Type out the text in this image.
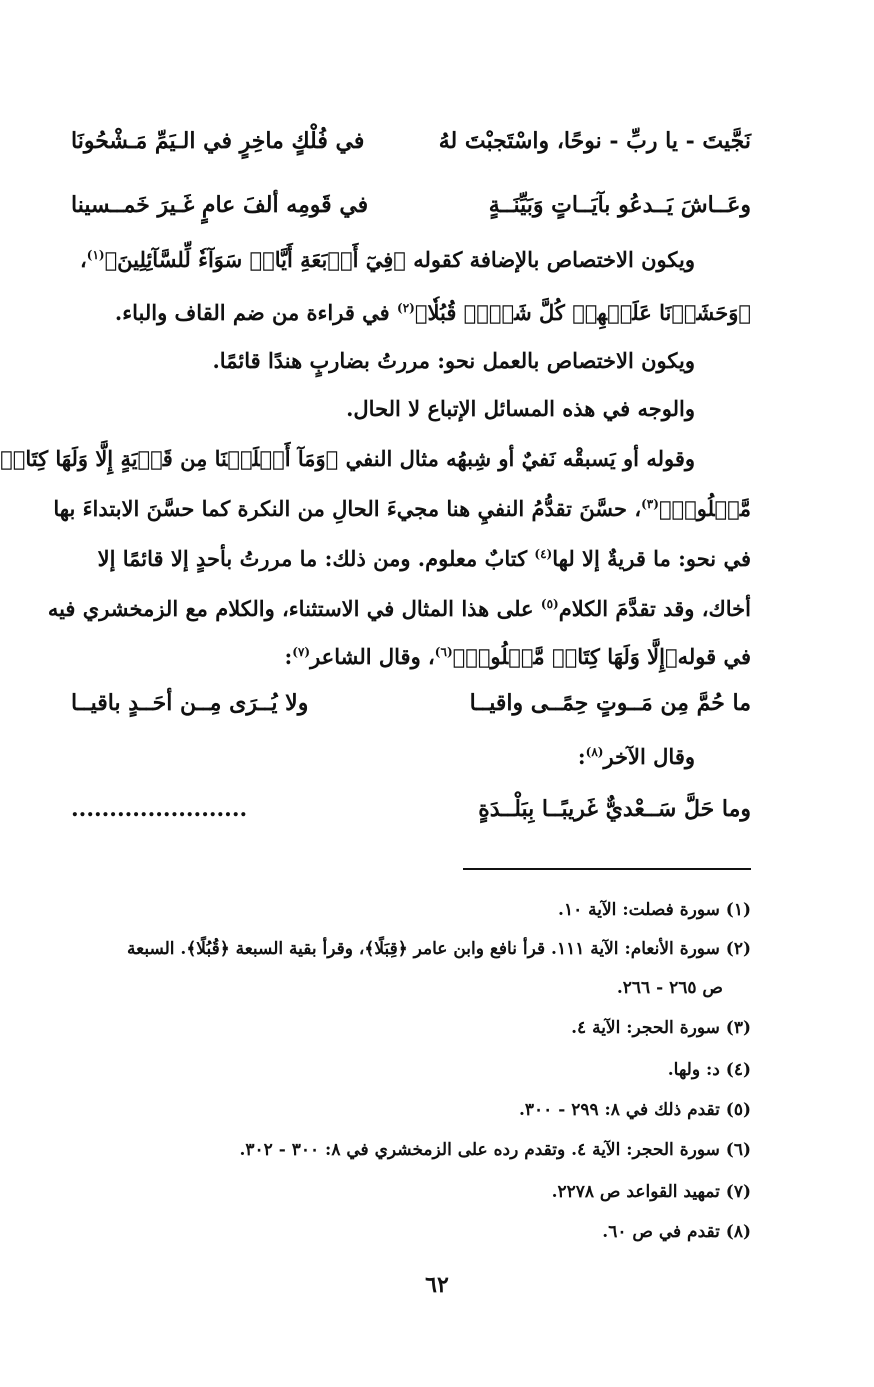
نَجَّيتَ - يا ربِّ - نوحًا، واسْتَجبْتَ لهُ
في فُلْكٍ ماخِرٍ في الـيَمِّ مَـشْحُونَا
وعَــاشَ يَــدعُو بآيَــاتٍ وَبَيِّنَــةٍ
في قَومِه ألفَ عامٍ غَـيرَ خَمــسينا
ويكون الاختصاص بالإضافة كقوله ﴿فِيٓ أَرۡبَعَةِ أَيَّامٖ سَوَآءٗ لِّلسَّآئِلِينَ﴾$^{(١)}$،
﴿وَحَشَرۡنَا عَلَيۡهِمۡ كُلَّ شَيۡءٖ قُبُلٗا﴾$^{(٢)}$ في قراءة من ضم القاف والباء.
ويكون الاختصاص بالعمل نحو: مررتُ بضاربٍ هندًا قائمًا.
والوجه في هذه المسائل الإتباع لا الحال.
وقوله أو يَسبقْه نَفيٌ أو شِبهُه مثال النفي ﴿وَمَآ أَهۡلَكۡنَا مِن قَرۡيَةٍ إِلَّا وَلَهَا كِتَابٞ
مَّعۡلُومٞ﴾$^{(٣)}$، حسَّنَ تقدُّمُ النفيِ هنا مجيءَ الحالِ من النكرة كما حسَّنَ الابتداءَ بها
في نحو: ما قريةٌ إلا لها$^{(٤)}$ كتابٌ معلوم. ومن ذلك: ما مررتُ بأحدٍ إلا قائمًا إلا
أخاك، وقد تقدَّمَ الكلام$^{(٥)}$ على هذا المثال في الاستثناء، والكلام مع الزمخشري فيه
في قوله﴿إِلَّا وَلَهَا كِتَابٞ مَّعۡلُومٞ﴾$^{(٦)}$، وقال الشاعر$^{(٧)}$:
ما حُمَّ مِن مَــوتٍ حِمًــى واقيــا
ولا يُــرَى مِــن أحَــدٍ باقيــا
وقال الآخر$^{(٨)}$:
وما حَلَّ سَــعْديٌّ غَريبًــا بِبَلْــدَةٍ
.......................
(١) سورة فصلت: الآية ١٠.
(٢) سورة الأنعام: الآية ١١١. قرأ نافع وابن عامر ﴿قِبَلًا﴾، وقرأ بقية السبعة ﴿قُبُلًا﴾. السبعة
ص ٢٦٥ - ٢٦٦.
(٣) سورة الحجر: الآية ٤.
(٤) د: ولها.
(٥) تقدم ذلك في ٨: ٢٩٩ - ٣٠٠.
(٦) سورة الحجر: الآية ٤. وتقدم رده على الزمخشري في ٨: ٣٠٠ - ٣٠٢.
(٧) تمهيد القواعد ص ٢٢٧٨.
(٨) تقدم في ص ٦٠.
٦٢
